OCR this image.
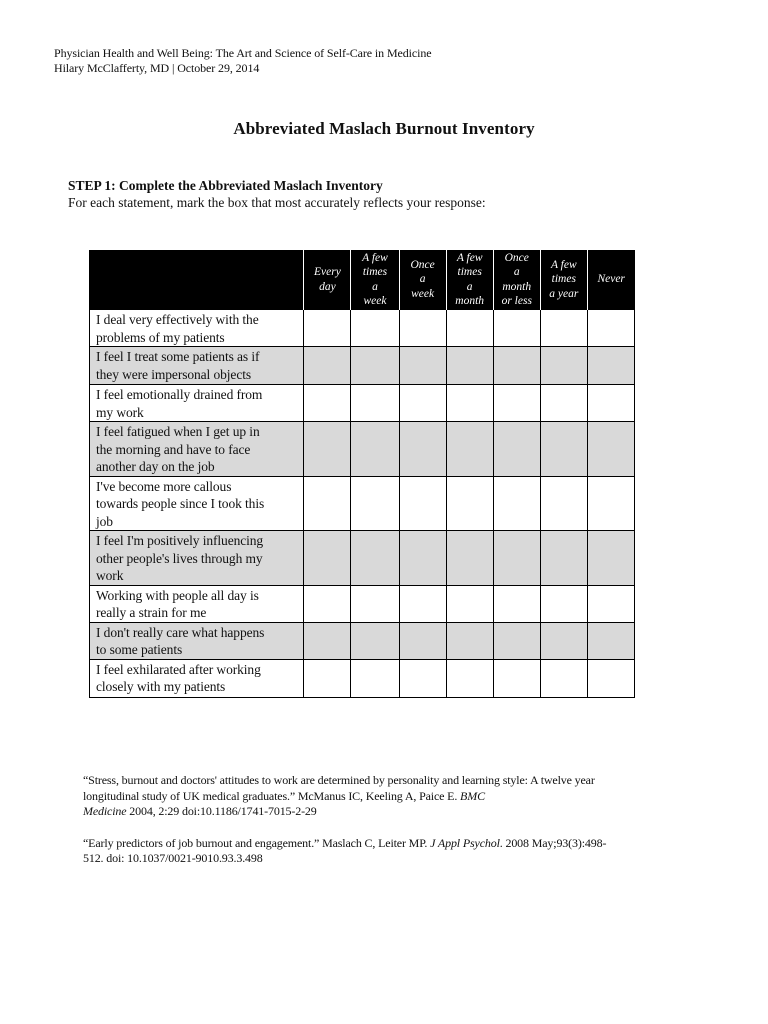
Physician Health and Well Being: The Art and Science of Self-Care in Medicine
Hilary McClafferty, MD | October 29, 2014
Abbreviated Maslach Burnout Inventory
STEP 1: Complete the Abbreviated Maslach Inventory
For each statement, mark the box that most accurately reflects your response:

	Every
day	A few
times
a
week	Once
a
week	A few
times
a
month	Once
a
month
or less	A few
times
a year	Never

I deal very effectively with the
problems of my patients							

I feel I treat some patients as if
they were impersonal objects							

I feel emotionally drained from
my work							

I feel fatigued when I get up in
the morning and have to face
another day on the job							

I've become more callous
towards people since I took this
job							

I feel I'm positively influencing
other people's lives through my
work							

Working with people all day is
really a strain for me							

I don't really care what happens
to some patients							

I feel exhilarated after working
closely with my patients							

“Stress, burnout and doctors' attitudes to work are determined by personality and learning style: A twelve year
longitudinal study of UK medical graduates.” McManus IC, Keeling A, Paice E. BMC
Medicine 2004, 2:29 doi:10.1186/1741-7015-2-29

“Early predictors of job burnout and engagement.” Maslach C, Leiter MP. J Appl Psychol. 2008 May;93(3):498-
512. doi: 10.1037/0021-9010.93.3.498
